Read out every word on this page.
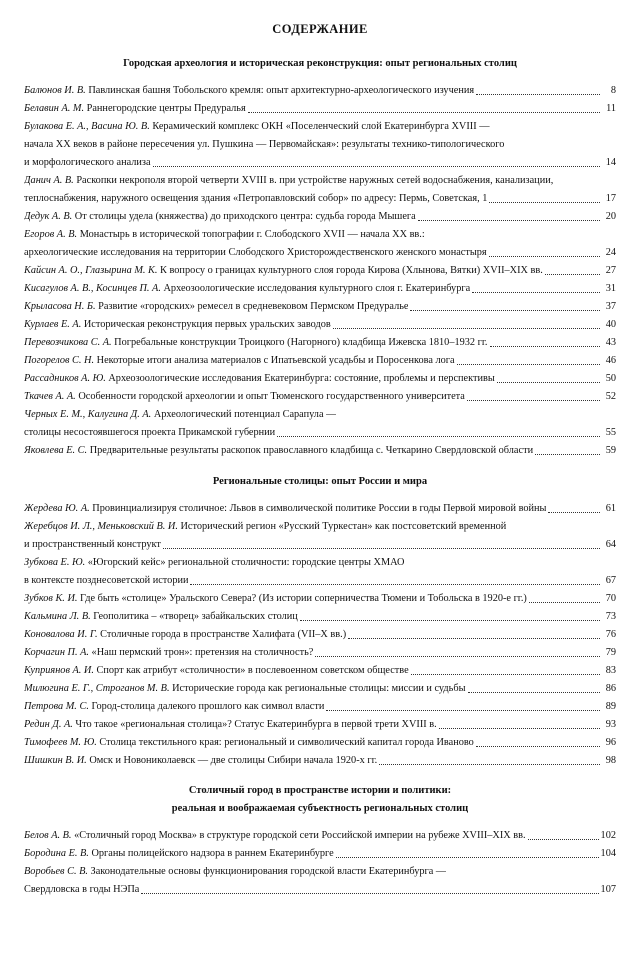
СОДЕРЖАНИЕ
Городская археология и историческая реконструкция: опыт региональных столиц
Балюнов И. В. Павлинская башня Тобольского кремля: опыт архитектурно-археологического изучения	8
Белавин А. М. Раннегородские центры Предуралья	11
Булакова Е. А., Васина Ю. В. Керамический комплекс ОКН «Поселенческий слой Екатеринбурга XVIII —
начала XX веков в районе пересечения ул. Пушкина — Первомайская»: результаты технико-типологического
и морфологического анализа	14
Данич А. В. Раскопки некрополя второй четверти XVIII в. при устройстве наружных сетей водоснабжения, канализации,
теплоснабжения, наружного освещения здания «Петропавловский собор» по адресу: Пермь, Советская, 1	17
Дедук А. В. От столицы удела (княжества) до приходского центра: судьба города Мышега	20
Егоров А. В. Монастырь в исторической топографии г. Слободского XVII — начала XX вв.:
археологические исследования на территории Слободского Христорождественского женского монастыря	24
Кайсин А. О., Глазырина М. К. К вопросу о границах культурного слоя города Кирова (Хлынова, Вятки) XVII–XIX вв.	27
Кисагулов А. В., Косинцев П. А. Археозоологические исследования культурного слоя г. Екатеринбурга	31
Крыласова Н. Б. Развитие «городских» ремесел в средневековом Пермском Предуралье	37
Курлаев Е. А. Историческая реконструкция первых уральских заводов	40
Перевозчикова С. А. Погребальные конструкции Троицкого (Нагорного) кладбища Ижевска 1810–1932 гг.	43
Погорелов С. Н. Некоторые итоги анализа материалов с Ипатьевской усадьбы и Поросенкова лога	46
Рассадников А. Ю. Археозоологические исследования Екатеринбурга: состояние, проблемы и перспективы	50
Ткачев А. А. Особенности городской археологии и опыт Тюменского государственного университета	52
Черных Е. М., Калугина Д. А. Археологический потенциал Сарапула —
столицы несостоявшегося проекта Прикамской губернии	55
Яковлева Е. С. Предварительные результаты раскопок православного кладбища с. Четкарино Свердловской области	59
Региональные столицы: опыт России и мира
Жердева Ю. А. Провинциализируя столичное: Львов в символической политике России в годы Первой мировой войны	61
Жеребцов И. Л., Меньковский В. И. Исторический регион «Русский Туркестан» как постсоветский временной
и пространственный конструкт	64
Зубкова Е. Ю. «Югорский кейс» региональной столичности: городские центры ХМАО
в контексте позднесоветской истории	67
Зубков К. И. Где быть «столице» Уральского Севера? (Из истории соперничества Тюмени и Тобольска в 1920-е гг.)	70
Кальмина Л. В. Геополитика – «творец» забайкальских столиц	73
Коновалова И. Г. Столичные города в пространстве Халифата (VII–X вв.)	76
Корчагин П. А. «Наш пермский трон»: претензия на столичность?	79
Куприянов А. И. Спорт как атрибут «столичности» в послевоенном советском обществе	83
Милюгина Е. Г., Строганов М. В. Исторические города как региональные столицы: миссии и судьбы	86
Петрова М. С. Город-столица далекого прошлого как символ власти	89
Редин Д. А. Что такое «региональная столица»? Статус Екатеринбурга в первой трети XVIII в.	93
Тимофеев М. Ю. Столица текстильного края: региональный и символический капитал города Иваново	96
Шишкин В. И. Омск и Новониколаевск — две столицы Сибири начала 1920-х гг.	98
Столичный город в пространстве истории и политики:
реальная и воображаемая субъектность региональных столиц
Белов А. В. «Столичный город Москва» в структуре городской сети Российской империи на рубеже XVIII–XIX вв.	102
Бородина Е. В. Органы полицейского надзора в раннем Екатеринбурге	104
Воробьев С. В. Законодательные основы функционирования городской власти Екатеринбурга —
Свердловска в годы НЭПа	107
